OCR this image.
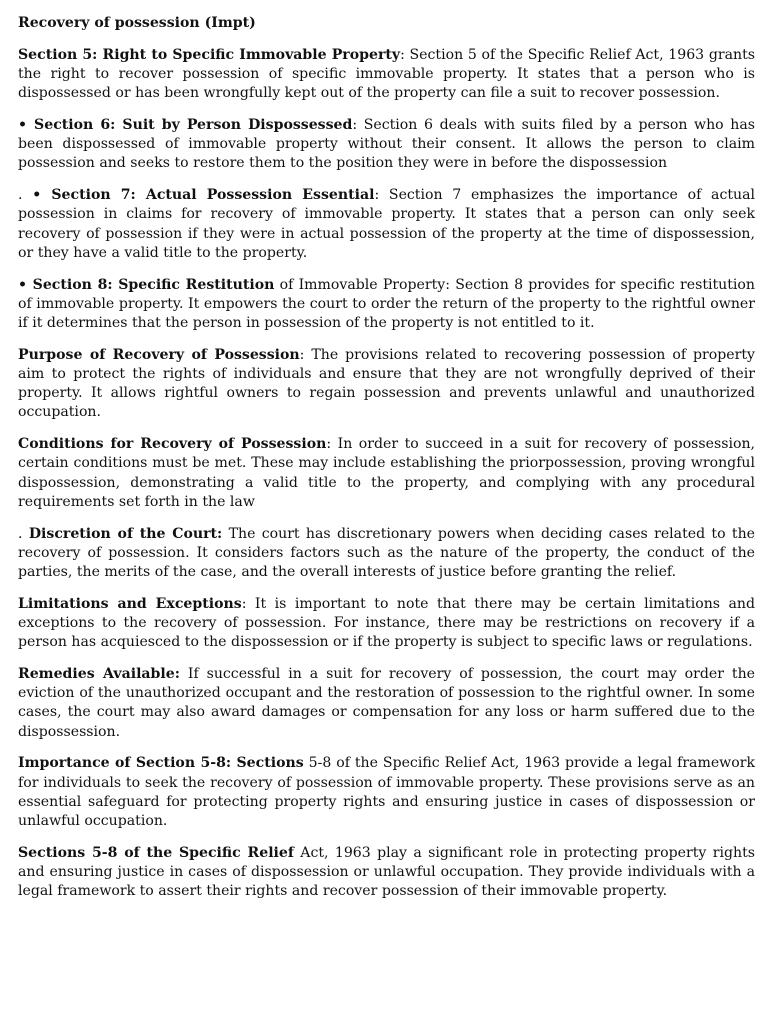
Recovery of possession (Impt)

Section 5: Right to Specific Immovable Property: Section 5 of the Specific Relief Act, 1963 grants the right to recover possession of specific immovable property. It states that a person who is dispossessed or has been wrongfully kept out of the property can file a suit to recover possession.

• Section 6: Suit by Person Dispossessed: Section 6 deals with suits filed by a person who has been dispossessed of immovable property without their consent. It allows the person to claim possession and seeks to restore them to the position they were in before the dispossession

. • Section 7: Actual Possession Essential: Section 7 emphasizes the importance of actual possession in claims for recovery of immovable property. It states that a person can only seek recovery of possession if they were in actual possession of the property at the time of dispossession, or they have a valid title to the property.

• Section 8: Specific Restitution of Immovable Property: Section 8 provides for specific restitution of immovable property. It empowers the court to order the return of the property to the rightful owner if it determines that the person in possession of the property is not entitled to it.

Purpose of Recovery of Possession: The provisions related to recovering possession of property aim to protect the rights of individuals and ensure that they are not wrongfully deprived of their property. It allows rightful owners to regain possession and prevents unlawful and unauthorized occupation.

Conditions for Recovery of Possession: In order to succeed in a suit for recovery of possession, certain conditions must be met. These may include establishing the priorpossession, proving wrongful dispossession, demonstrating a valid title to the property, and complying with any procedural requirements set forth in the law

. Discretion of the Court: The court has discretionary powers when deciding cases related to the recovery of possession. It considers factors such as the nature of the property, the conduct of the parties, the merits of the case, and the overall interests of justice before granting the relief.

Limitations and Exceptions: It is important to note that there may be certain limitations and exceptions to the recovery of possession. For instance, there may be restrictions on recovery if a person has acquiesced to the dispossession or if the property is subject to specific laws or regulations.

Remedies Available: If successful in a suit for recovery of possession, the court may order the eviction of the unauthorized occupant and the restoration of possession to the rightful owner. In some cases, the court may also award damages or compensation for any loss or harm suffered due to the dispossession.

Importance of Section 5-8: Sections 5-8 of the Specific Relief Act, 1963 provide a legal framework for individuals to seek the recovery of possession of immovable property. These provisions serve as an essential safeguard for protecting property rights and ensuring justice in cases of dispossession or unlawful occupation.

Sections 5-8 of the Specific Relief Act, 1963 play a significant role in protecting property rights and ensuring justice in cases of dispossession or unlawful occupation. They provide individuals with a legal framework to assert their rights and recover possession of their immovable property.
